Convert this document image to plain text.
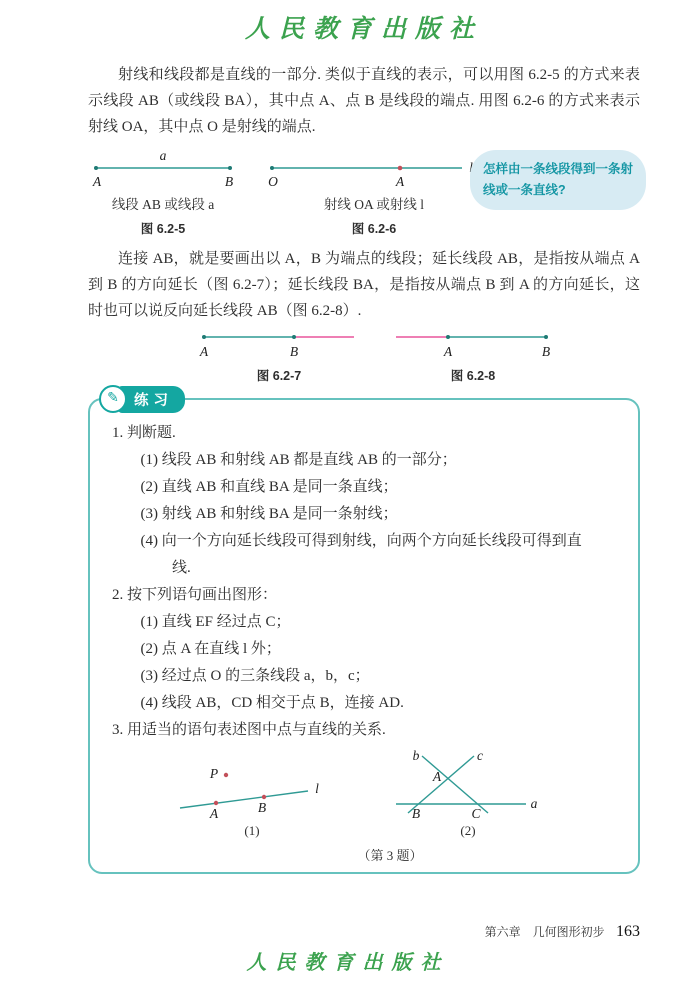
人民教育出版社

射线和线段都是直线的一部分. 类似于直线的表示，可以用图 6.2-5 的方式来表示线段 AB（或线段 BA），其中点 A、点 B 是线段的端点. 用图 6.2-6 的方式来表示射线 OA，其中点 O 是射线的端点.

a
A	B
线段 AB 或线段 a
图 6.2-5
O	A
射线 OA 或射线 l
图 6.2-6
怎样由一条线段得到一条射线或一条直线?

连接 AB，就是要画出以 A，B 为端点的线段；延长线段 AB，是指按从端点 A 到 B 的方向延长（图 6.2-7）；延长线段 BA，是指按从端点 B 到 A 的方向延长，这时也可以说反向延长线段 AB（图 6.2-8）.

A	B
图 6.2-7
A	B
图 6.2-8
✎	练习
1. 判断题.
(1) 线段 AB 和射线 AB 都是直线 AB 的一部分；
(2) 直线 AB 和直线 BA 是同一条直线；
(3) 射线 AB 和射线 BA 是同一条射线；
(4) 向一个方向延长线段可得到射线，向两个方向延长线段可得到直线.
2. 按下列语句画出图形：
(1) 直线 EF 经过点 C；
(2) 点 A 在直线 l 外；
(3) 经过点 O 的三条线段 a，b，c；
(4) 线段 AB，CD 相交于点 B，连接 AD.
3. 用适当的语句表述图中点与直线的关系.
P
A	B
l
(1)
b	c
A
B	C
a
(2)
（第 3 题）
第六章　几何图形初步 163
人民教育出版社
